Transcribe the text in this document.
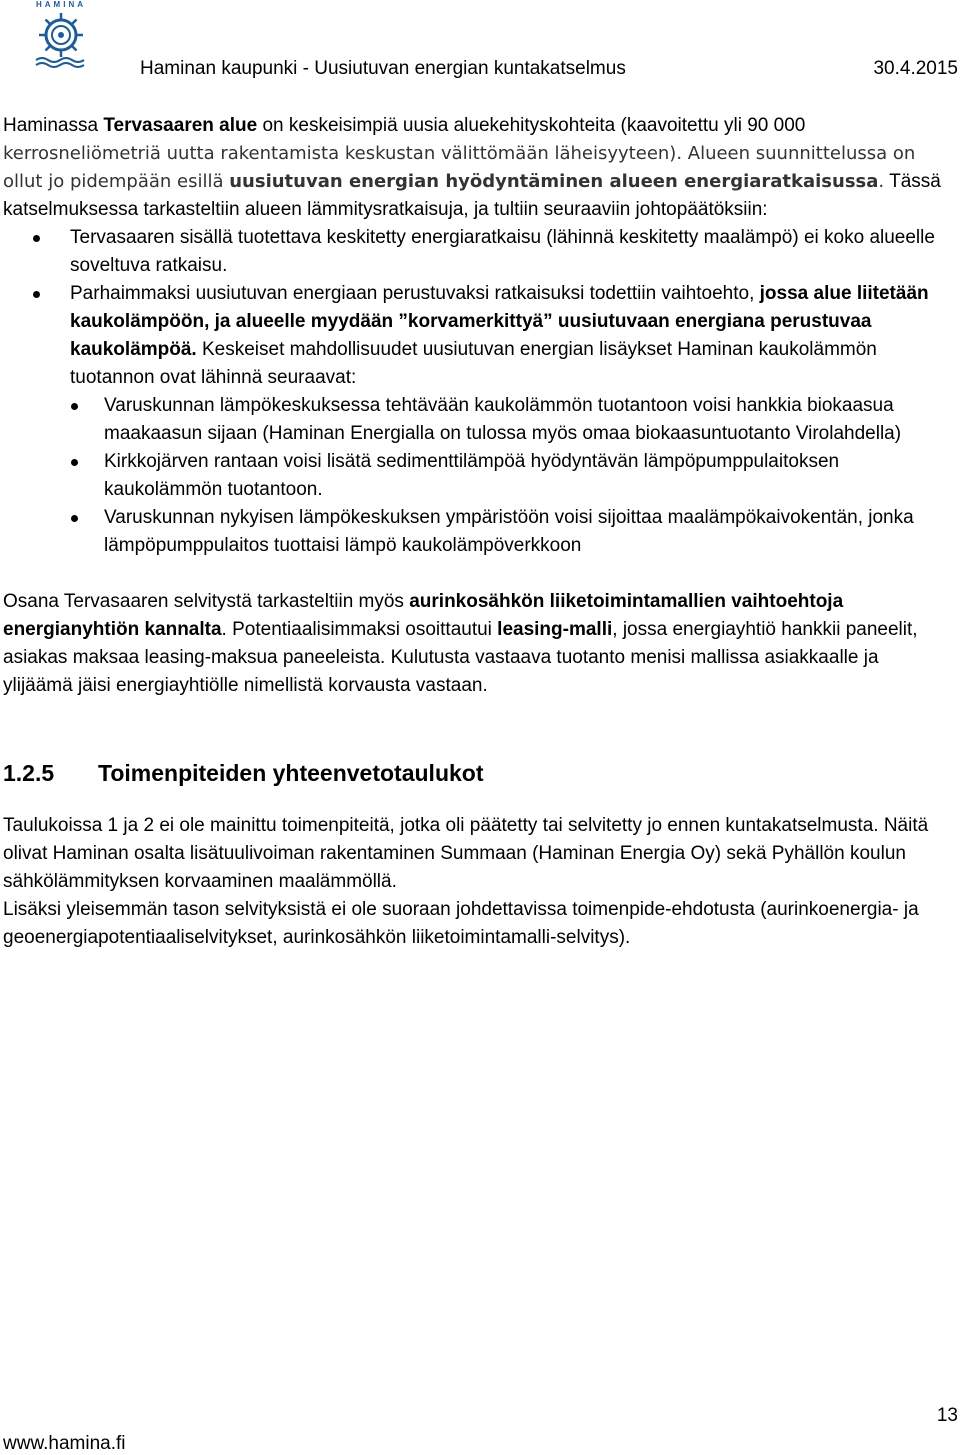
HAMINA
Haminan kaupunki - Uusiutuvan energian kuntakatselmus	30.4.2015

Haminassa Tervasaaren alue on keskeisimpiä uusia aluekehityskohteita (kaavoitettu yli 90 000 kerrosneliömetriä uutta rakentamista keskustan välittömään läheisyyteen). Alueen suunnittelussa on ollut jo pidempään esillä uusiutuvan energian hyödyntäminen alueen energiaratkaisussa. Tässä katselmuksessa tarkasteltiin alueen lämmitysratkaisuja, ja tultiin seuraaviin johtopäätöksiin:

Tervasaaren sisällä tuotettava keskitetty energiaratkaisu (lähinnä keskitetty maalämpö) ei koko alueelle soveltuva ratkaisu.
Parhaimmaksi uusiutuvan energiaan perustuvaksi ratkaisuksi todettiin vaihtoehto, jossa alue liitetään kaukolämpöön, ja alueelle myydään ”korvamerkittyä” uusiutuvaan energiana perustuvaa kaukolämpöä. Keskeiset mahdollisuudet uusiutuvan energian lisäykset Haminan kaukolämmön tuotannon ovat lähinnä seuraavat:
Varuskunnan lämpökeskuksessa tehtävään kaukolämmön tuotantoon voisi hankkia biokaasua maakaasun sijaan (Haminan Energialla on tulossa myös omaa biokaasuntuotanto Virolahdella)
Kirkkojärven rantaan voisi lisätä sedimenttilämpöä hyödyntävän lämpöpumppulaitoksen kaukolämmön tuotantoon.
Varuskunnan nykyisen lämpökeskuksen ympäristöön voisi sijoittaa maalämpökaivokentän, jonka lämpöpumppulaitos tuottaisi lämpö kaukolämpöverkkoon

Osana Tervasaaren selvitystä tarkasteltiin myös aurinkosähkön liiketoimintamallien vaihtoehtoja energianyhtiön kannalta. Potentiaalisimmaksi osoittautui leasing-malli, jossa energiayhtiö hankkii paneelit, asiakas maksaa leasing-maksua paneeleista. Kulutusta vastaava tuotanto menisi mallissa asiakkaalle ja ylijäämä jäisi energiayhtiölle nimellistä korvausta vastaan.

1.2.5 Toimenpiteiden yhteenvetotaulukot

Taulukoissa 1 ja 2 ei ole mainittu toimenpiteitä, jotka oli päätetty tai selvitetty jo ennen kuntakatselmusta. Näitä olivat Haminan osalta lisätuulivoiman rakentaminen Summaan (Haminan Energia Oy) sekä Pyhällön koulun sähkölämmityksen korvaaminen maalämmöllä.

Lisäksi yleisemmän tason selvityksistä ei ole suoraan johdettavissa toimenpide-ehdotusta (aurinkoenergia- ja geoenergiapotentiaaliselvitykset, aurinkosähkön liiketoimintamalli-selvitys).

13
www.hamina.fi
